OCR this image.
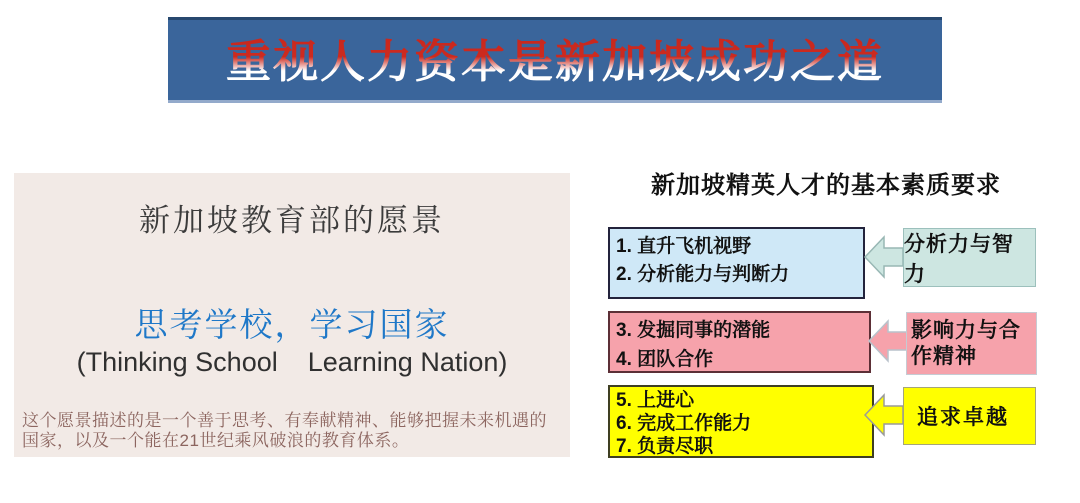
重视人力资本是新加坡成功之道
新加坡教育部的愿景
思考学校，学习国家
(Thinking School    Learning Nation)
这个愿景描述的是一个善于思考、有奉献精神、能够把握未来机遇的
国家，以及一个能在21世纪乘风破浪的教育体系。
新加坡精英人才的基本素质要求
1. 直升飞机视野
2. 分析能力与判断力
分析力与智力
3. 发掘同事的潜能
4. 团队合作
影响力与合作精神
5. 上进心
6. 完成工作能力
7. 负责尽职
追求卓越
